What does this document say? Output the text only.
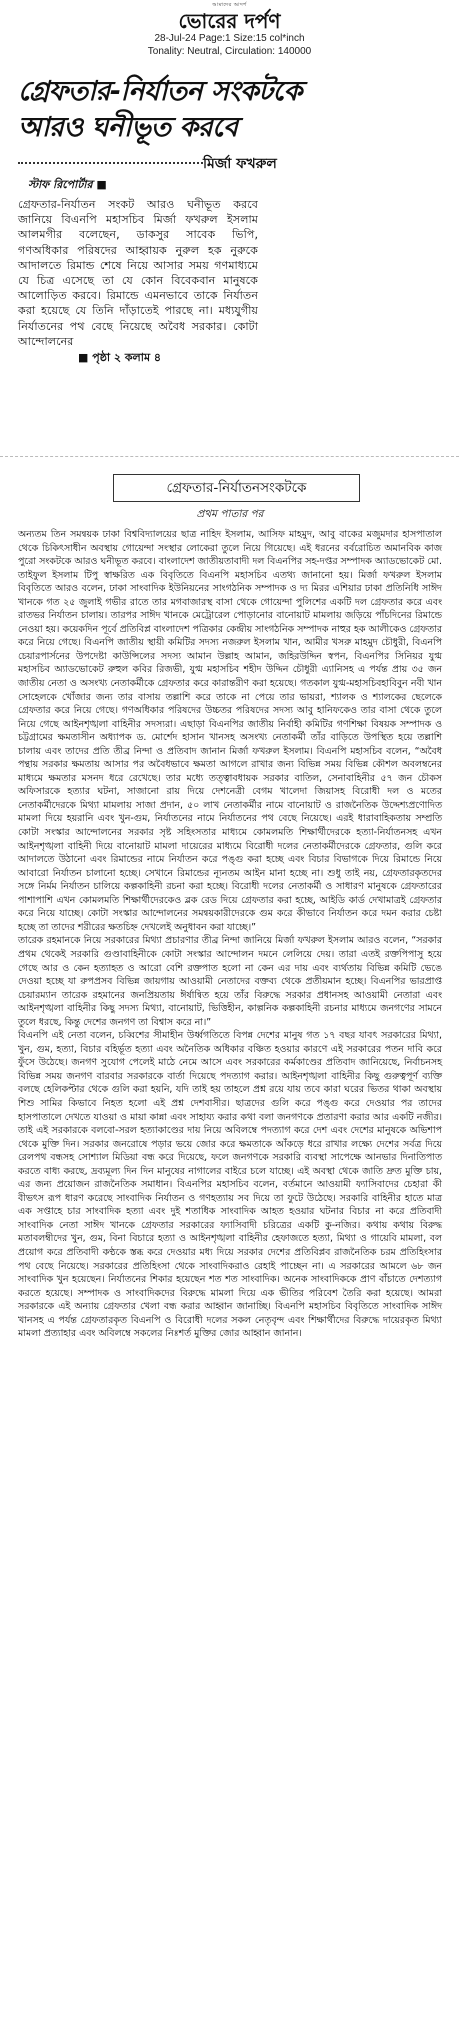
আমাদের আদর্শ
ভোরের দর্পণ
28-Jul-24 Page:1 Size:15 col*inch
Tonality: Neutral, Circulation: 140000
গ্রেফতার-নির্যাতন সংকটকে আরও ঘনীভূত করবে
মির্জা ফখরুল
স্টাফ রিপোর্টার ■
গ্রেফতার-নির্যাতন সংকট আরও ঘনীভূত করবে জানিয়ে বিএনপি মহাসচিব মির্জা ফখরুল ইসলাম আলমগীর বলেছেন, ডাকসুর সাবেক ভিপি, গণঅধিকার পরিষদের আহ্বায়ক নুরুল হক নুরুকে আদালতে রিমান্ড শেষে নিয়ে আসার সময় গণমাধ্যমে যে চিত্র এসেছে তা যে কোন বিবেকবান মানুষকে আলোড়িত করবে। রিমান্ডে এমনভাবে তাকে নির্যাতন করা হয়েছে যে তিনি দাঁড়াতেই পারছে না। মধ্যযুগীয় নির্যাতনের পথ বেছে নিয়েছে অবৈধ সরকার। কোটা আন্দোলনের
■ পৃষ্ঠা ২ কলাম ৪
গ্রেফতার-নির্যাতনসংকটকে
প্রথম পাতার পর

অন্যতম তিন সমন্বয়ক ঢাকা বিশ্ববিদ্যালয়ের ছাত্র নাহিদ ইসলাম, আসিফ মাহমুদ, আবু বাকের মজুমদার হাসপাতাল থেকে চিকিৎসাধীন অবস্থায় গোয়েন্দা সংস্থার লোকেরা তুলে নিয়ে গিয়েছে। এই ধরনের বর্বরোচিত অমানবিক কাজ পুরো সংকটকে আরও ঘনীভূত করবে। বাংলাদেশ জাতীয়তাবাদী দল বিএনপির সহ-দপ্তর সম্পাদক অ্যাডভোকেট মো. তাইফুল ইসলাম টিপু স্বাক্ষরিত এক বিবৃতিতে বিএনপি মহাসচিব এতথ্য জানানো হয়। মির্জা ফখরুল ইসলাম বিবৃতিতে আরও বলেন, ঢাকা সাংবাদিক ইউনিয়নের সাংগঠনিক সম্পাদক ও দ্য মিরর এশিয়ার ঢাকা প্রতিনিধি সাঈদ খানকে গত ২৫ জুলাই গভীর রাতে তার মগবাজারস্থ বাসা থেকে গোয়েন্দা পুলিশের একটি দল গ্রেফতার করে এবং রাতভর নির্যাতন চালায়। তারপর সাঈদ খানকে মেট্রোরেল পোড়ানোর বানোয়াট মামলায় জড়িয়ে পাঁচদিনের রিমান্ডে নেওয়া হয়। কয়েকদিন পূর্বে প্রতিবিপ্ল বাংলাদেশ পত্রিকার কেন্দ্রীয় সাংগঠনিক সম্পাদক নাহুর হক আলীকেও গ্রেফতার করে নিয়ে গেছে। বিএনপি জাতীয় স্থায়ী কমিটির সদস্য নজরুল ইসলাম খান, আমীর খসরু মাহমুদ চৌধুরী, বিএনপি চেয়ারপার্সনের উপদেষ্টা কাউন্সিলের সদস্য আমান উল্লাহ আমান, জহিরউদ্দিন স্বপন, বিএনপির সিনিয়র যুগ্ম মহাসচিব অ্যাডভোকেট রুহুল কবির রিজভী, যুগ্ম মহাসচিব শহীদ উদ্দিন চৌধুরী এ্যানিসহ এ পর্যন্ত প্রায় ৩৫ জন জাতীয় নেতা ও অসংখ্য নেতাকর্মীকে গ্রেফতার করে কারান্তরীণ করা হয়েছে। গতকাল যুগ্ম-মহাসচিবহাবিবুন নবী খান সোহেলকে খোঁজার জন্য তার বাসায় তল্লাশি করে তাকে না পেয়ে তার ভায়রা, শ্যালক ও শ্যালকের ছেলেকে গ্রেফতার করে নিয়ে গেছে। গণঅধিকার পরিষদের উচ্চতর পরিষদের সদস্য আবু হানিফকেও তার বাসা থেকে তুলে নিয়ে গেছে আইনশৃঙ্খলা বাহিনীর সদস্যরা। এছাড়া বিএনপির জাতীয় নির্বাহী কমিটির গণশিক্ষা বিষয়ক সম্পাদক ও চট্টগ্রামের ক্ষমতাসীন অধ্যাপক ড. মোর্শেদ হাসান খানসহ অসংখ্য নেতাকর্মী তাঁর বাড়িতে উপস্থিত হয়ে তল্লাশি চালায় এবং তাদের প্রতি তীব্র নিন্দা ও প্রতিবাদ জানান মির্জা ফখরুল ইসলাম। বিএনপি মহাসচিব বলেন, “অবৈধ পন্থায় সরকার ক্ষমতায় আসার পর অবৈধভাবে ক্ষমতা আগলে রাখার জন্য বিভিন্ন সময় বিভিন্ন কৌশল অবলম্বনের মাধ্যমে ক্ষমতার মসনদ ধরে রেখেছে। তার মধ্যে তত্ত্বাবধায়ক সরকার বাতিল, সেনাবাহিনীর ৫৭ জন চৌকস অফিসারকে হত্যার ঘটনা, সাজানো রায় দিয়ে দেশনেত্রী বেগম খালেদা জিয়াসহ বিরোধী দল ও মতের নেতাকর্মীদেরকে মিথ্যা মামলায় সাজা প্রদান, ৫০ লাখ নেতাকর্মীর নামে বানোয়াট ও রাজনৈতিক উদ্দেশ্যপ্রণোদিত মামলা দিয়ে হয়রানি এবং খুন-গুম, নির্যাতনের নামে নির্যাতনের পথ বেছে নিয়েছে। এরই ধারাবাহিকতায় সম্প্রতি কোটা সংস্কার আন্দোলনের সরকার সৃষ্ট সহিংসতার মাধ্যমে কোমলমতি শিক্ষার্থীদেরকে হত্যা-নির্যাতনসহ এখন আইনশৃঙ্খলা বাহিনী দিয়ে বানোয়াট মামলা দায়েরের মাধ্যমে বিরোধী দলের নেতাকর্মীদেরকে গ্রেফতার, গুলি করে আদালতে উঠানো এবং রিমান্ডের নামে নির্যাতন করে পঙ্গু করা হচ্ছে এবং বিচার বিভাগকে দিয়ে রিমান্ডে নিয়ে আবারো নির্যাতন চালানো হচ্ছে। সেখানে রিমান্ডের ন্যূনতম আইন মানা হচ্ছে না। শুধু তাই নয়, গ্রেফতারকৃতদের সঙ্গে নির্মম নির্যাতন চালিয়ে কল্পকাহিনী রচনা করা হচ্ছে। বিরোধী দলের নেতাকর্মী ও সাধারণ মানুষকে গ্রেফতারের পাশাপাশি এখন কোমলমতি শিক্ষার্থীদেরকেও ব্লক রেড দিয়ে গ্রেফতার করা হচ্ছে, আইডি কার্ড দেখামাত্রই গ্রেফতার করে নিয়ে যাচ্ছে। কোটা সংস্কার আন্দোলনের সমন্বয়কারীদেরকে গুম করে কীভাবে নির্যাতন করে দমন করার চেষ্টা হচ্ছে তা তাদের শরীরের ক্ষতচিহ্ন দেখলেই অনুধাবন করা যাচ্ছে।”

তারেক রহমানকে নিয়ে সরকারের মিথ্যা প্রচারণার তীব্র নিন্দা জানিয়ে মির্জা ফখরুল ইসলাম আরও বলেন, “সরকার প্রথম থেকেই সরকারি গুণ্ডাবাহিনীকে কোটা সংস্কার আন্দোলন দমনে লেলিয়ে দেয়। তারা এতই রক্তপিপাসু হয়ে গেছে আর ও কেন হত্যাহত ও আরো বেশি রক্তপাত হলো না কেন এর দায় এবং ব্যর্থতায় বিভিন্ন কমিটি ভেঙে দেওয়া হচ্ছে যা রুপপ্রসব বিভিন্ন জায়গায় আওয়ামী নেতাদের বক্তব্য থেকে প্রতীয়মান হচ্ছে। বিএনপির ভারপ্রাপ্ত চেয়ারম্যান তারেক রহমানের জনপ্রিয়তায় ঈর্ষান্বিত হয়ে তাঁর বিরুদ্ধে সরকার প্রধানসহ আওয়ামী নেতারা এবং আইনশৃঙ্খলা বাহিনীর কিছু সদস্য মিথ্যা, বানোয়াট, ভিত্তিহীন, কাল্পনিক কল্পকাহিনী রচনার মাধ্যমে জনগণের সামনে তুলে ধরছে, কিন্তু দেশের জনগণ তা বিশ্বাস করে না।”

বিএনপি এই নেতা বলেন, চব্বিশের সীমাহীন উর্ধ্বগতিতে বিপন্ন দেশের মানুষ গত ১৭ বছর যাবৎ সরকারের মিথ্যা, খুন, গুম, হত্যা, বিচার বহির্ভূত হত্যা এবং অনৈতিক অধিকার বঞ্চিত হওয়ার কারণে এই সরকারের পতন দাবি করে ফুঁসে উঠেছে। জনগণ সুযোগ পেলেই মাঠে নেমে আসে এবং সরকারের কর্মকাণ্ডের প্রতিবাদ জানিয়েছে, নির্বাচনসহ বিভিন্ন সময় জনগণ বারবার সরকারকে বার্তা দিয়েছে পদত্যাগ করার। আইনশৃঙ্খলা বাহিনীর কিছু গুরুত্বপূর্ণ ব্যক্তি বলছে হেলিকপ্টার থেকে গুলি করা হয়নি, যদি তাই হয় তাহলে প্রশ্ন রয়ে যায় তবে কারা ঘরের ভিতর থাকা অবস্থায় শিশু সামির কিভাবে নিহত হলো এই প্রশ্ন দেশবাসীর। ছাত্রদের গুলি করে পঙ্গু করে দেওয়ার পর তাদের হাসপাতালে দেখতে যাওয়া ও মায়া কান্না এবং সাহায্য করার কথা বলা জনগণকে প্রতারণা করার আর একটি নজীর। তাই এই সরকারকে বলবো-সরল হত্যাকাণ্ডের দায় নিয়ে অবিলম্বে পদত্যাগ করে দেশ এবং দেশের মানুষকে অভিশাপ থেকে মুক্তি দিন। সরকার জনরোষে পড়ার ভয়ে জোর করে ক্ষমতাকে আঁকড়ে ধরে রাখার লক্ষ্যে দেশের সর্বত্র দিয়ে রেলপথ বন্ধসহ সোশ্যাল মিডিয়া বন্ধ করে দিয়েছে, ফলে জনগণকে সরকারি ব্যবস্থা সাপেক্ষে আনভার দিনাতিপাত করতে বাধ্য করছে, দ্রব্যমূল্য দিন দিন মানুষের নাগালের বাইরে চলে যাচ্ছে। এই অবস্থা থেকে জাতি দ্রুত মুক্তি চায়, এর জন্য প্রয়োজন রাজনৈতিক সমাধান। বিএনপির মহাসচিব বলেন, বর্তমানে আওয়ামী ফ্যাসিবাদের চেহারা কী বীভৎস রূপ ধারণ করেছে সাংবাদিক নির্যাতন ও গণহত্যায় সব দিয়ে তা ফুটে উঠেছে। সরকারি বাহিনীর হাতে মাত্র এক সপ্তাহে চার সাংবাদিক হত্যা এবং দুই শতাধিক সাংবাদিক আহত হওয়ার ঘটনার বিচার না করে প্রতিবাদী সাংবাদিক নেতা সাঈদ খানকে গ্রেফতার সরকারের ফ্যাসিবাদী চরিত্রের একটি কু-নজির। কথায় কথায় বিরুদ্ধ মতাবলম্বীদের খুন, গুম, বিনা বিচারে হত্যা ও আইনশৃঙ্খলা বাহিনীর হেফাজতে হত্যা, মিথ্যা ও গায়েবি মামলা, বল প্রয়োগ করে প্রতিবাদী কণ্ঠকে স্তব্ধ করে দেওয়ার মধ্য দিয়ে সরকার দেশের প্রতিবিপ্লব রাজনৈতিক চরম প্রতিহিংসার পথ বেছে নিয়েছে। সরকারের প্রতিহিংসা থেকে সাংবাদিকরাও রেহাই পাচ্ছেন না। এ সরকারের আমলে ৬৮ জন সাংবাদিক খুন হয়েছেন। নির্যাতনের শিকার হয়েছেন শত শত সাংবাদিক। অনেক সাংবাদিককে প্রাণ বাঁচাতে দেশত্যাগ করতে হয়েছে। সম্পাদক ও সাংবাদিকদের বিরুদ্ধে মামলা দিয়ে এক ভীতির পরিবেশ তৈরি করা হয়েছে। আমরা সরকারকে এই অন্যায় গ্রেফতার খেলা বন্ধ করার আহ্বান জানাচ্ছি। বিএনপি মহাসচিব বিবৃতিতে সাংবাদিক সাঈদ খানসহ এ পর্যন্ত গ্রেফতারকৃত বিএনপি ও বিরোধী দলের সকল নেতৃবৃন্দ এবং শিক্ষার্থীদের বিরুদ্ধে দায়েরকৃত মিথ্যা মামলা প্রত্যাহার এবং অবিলম্বে সকলের নিঃশর্ত মুক্তির জোর আহ্বান জানান।
